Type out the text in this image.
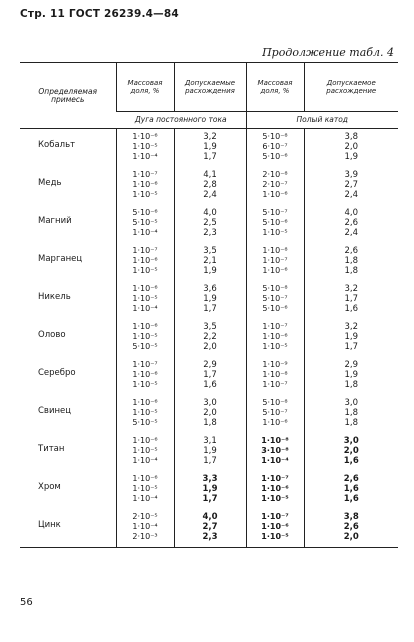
Стр. 11 ГОСТ 26239.4—84
Продолжение табл. 4
Определяемая примесь	Массовая доля, %	Допускаемые расхождения	Массовая доля, %	Допускаемое расхождение
	Дуга постоянного тока		Полый катод	
Кобальт	1·10⁻⁶
1·10⁻⁵
1·10⁻⁴	3,2
1,9
1,7	5·10⁻⁸
6·10⁻⁷
5·10⁻⁶	3,8
2,0
1,9

Медь	1·10⁻⁷
1·10⁻⁶
1·10⁻⁵	4,1
2,8
2,4	2·10⁻⁸
2·10⁻⁷
1·10⁻⁶	3,9
2,7
2,4

Магний	5·10⁻⁶
5·10⁻⁵
1·10⁻⁴	4,0
2,5
2,3	5·10⁻⁷
5·10⁻⁶
1·10⁻⁵	4,0
2,6
2,4

Марганец	1·10⁻⁷
1·10⁻⁶
1·10⁻⁵	3,5
2,1
1,9	1·10⁻⁸
1·10⁻⁷
1·10⁻⁶	2,6
1,8
1,8

Никель	1·10⁻⁶
1·10⁻⁵
1·10⁻⁴	3,6
1,9
1,7	5·10⁻⁸
5·10⁻⁷
5·10⁻⁶	3,2
1,7
1,6

Олово	1·10⁻⁶
1·10⁻⁵
5·10⁻⁵	3,5
2,2
2,0	1·10⁻⁷
1·10⁻⁶
1·10⁻⁵	3,2
1,9
1,7

Серебро	1·10⁻⁷
1·10⁻⁶
1·10⁻⁵	2,9
1,7
1,6	1·10⁻⁹
1·10⁻⁸
1·10⁻⁷	2,9
1,9
1,8

Свинец	1·10⁻⁶
1·10⁻⁵
5·10⁻⁵	3,0
2,0
1,8	5·10⁻⁸
5·10⁻⁷
1·10⁻⁶	3,0
1,8
1,8

Титан	1·10⁻⁶
1·10⁻⁵
1·10⁻⁴	3,1
1,9
1,7	1·10⁻⁸
3·10⁻⁸
1·10⁻⁴	3,0
2,0
1,6

Хром	1·10⁻⁶
1·10⁻⁵
1·10⁻⁴	3,3
1,9
1,7	1·10⁻⁷
1·10⁻⁶
1·10⁻⁵	2,6
1,6
1,6

Цинк	2·10⁻⁵
1·10⁻⁴
2·10⁻³	4,0
2,7
2,3	1·10⁻⁷
1·10⁻⁶
1·10⁻⁵	3,8
2,6
2,0
56
